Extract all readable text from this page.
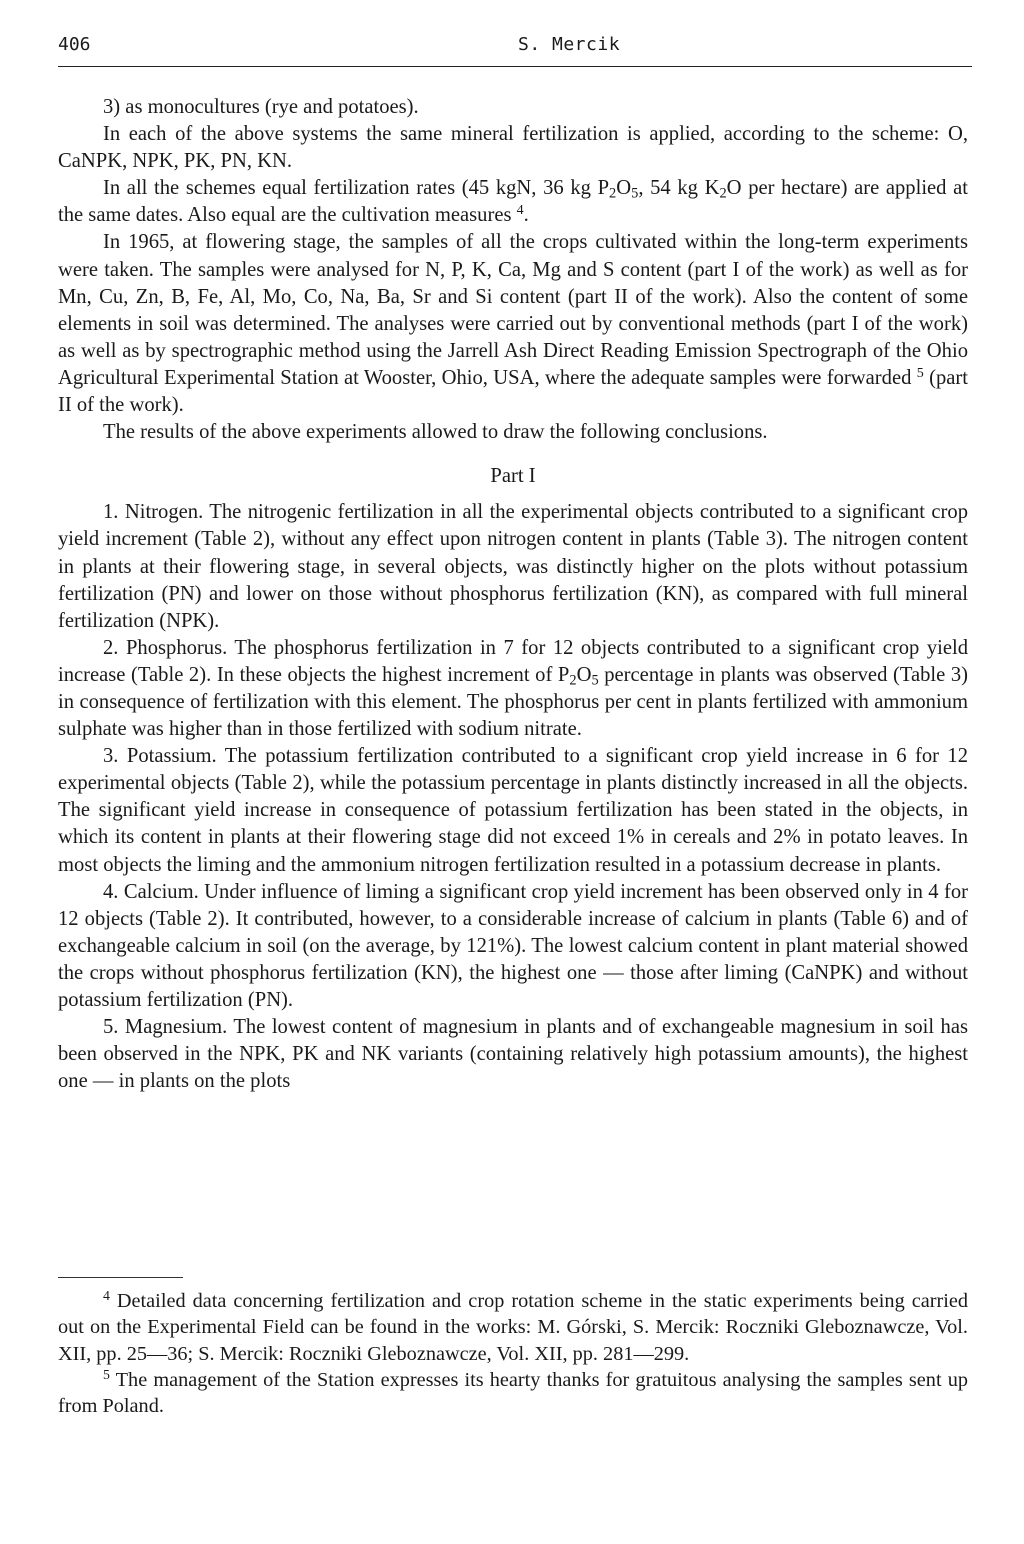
406	S. Mercik

3) as monocultures (rye and potatoes).

In each of the above systems the same mineral fertilization is applied, according to the scheme: O, CaNPK, NPK, PK, PN, KN.

In all the schemes equal fertilization rates (45 kgN, 36 kg $P_2O_5$, 54 kg $K_2O$ per hectare) are applied at the same dates. Also equal are the cultivation measures $^4$.

In 1965, at flowering stage, the samples of all the crops cultivated within the long-term experiments were taken. The samples were analysed for N, P, K, Ca, Mg and S content (part I of the work) as well as for Mn, Cu, Zn, B, Fe, Al, Mo, Co, Na, Ba, Sr and Si content (part II of the work). Also the content of some elements in soil was determined. The analyses were carried out by conventional methods (part I of the work) as well as by spectrographic method using the Jarrell Ash Direct Reading Emission Spectrograph of the Ohio Agricultural Experimental Station at Wooster, Ohio, USA, where the adequate samples were forwarded $^5$ (part II of the work).

The results of the above experiments allowed to draw the following conclusions.

Part I

1. Nitrogen. The nitrogenic fertilization in all the experimental objects contributed to a significant crop yield increment (Table 2), without any effect upon nitrogen content in plants (Table 3). The nitrogen content in plants at their flowering stage, in several objects, was distinctly higher on the plots without potassium fertilization (PN) and lower on those without phosphorus fertilization (KN), as compared with full mineral fertilization (NPK).

2. Phosphorus. The phosphorus fertilization in 7 for 12 objects contributed to a significant crop yield increase (Table 2). In these objects the highest increment of $P_2O_5$ percentage in plants was observed (Table 3) in consequence of fertilization with this element. The phosphorus per cent in plants fertilized with ammonium sulphate was higher than in those fertilized with sodium nitrate.

3. Potassium. The potassium fertilization contributed to a significant crop yield increase in 6 for 12 experimental objects (Table 2), while the potassium percentage in plants distinctly increased in all the objects. The significant yield increase in consequence of potassium fertilization has been stated in the objects, in which its content in plants at their flowering stage did not exceed 1% in cereals and 2% in potato leaves. In most objects the liming and the ammonium nitrogen fertilization resulted in a potassium decrease in plants.

4. Calcium. Under influence of liming a significant crop yield increment has been observed only in 4 for 12 objects (Table 2). It contributed, however, to a considerable increase of calcium in plants (Table 6) and of exchangeable calcium in soil (on the average, by 121%). The lowest calcium content in plant material showed the crops without phosphorus fertilization (KN), the highest one — those after liming (CaNPK) and without potassium fertilization (PN).

5. Magnesium. The lowest content of magnesium in plants and of exchangeable magnesium in soil has been observed in the NPK, PK and NK variants (containing relatively high potassium amounts), the highest one — in plants on the plots

$^4$ Detailed data concerning fertilization and crop rotation scheme in the static experiments being carried out on the Experimental Field can be found in the works: M. Górski, S. Mercik: Roczniki Gleboznawcze, Vol. XII, pp. 25—36; S. Mercik: Roczniki Gleboznawcze, Vol. XII, pp. 281—299.

$^5$ The management of the Station expresses its hearty thanks for gratuitous analysing the samples sent up from Poland.
